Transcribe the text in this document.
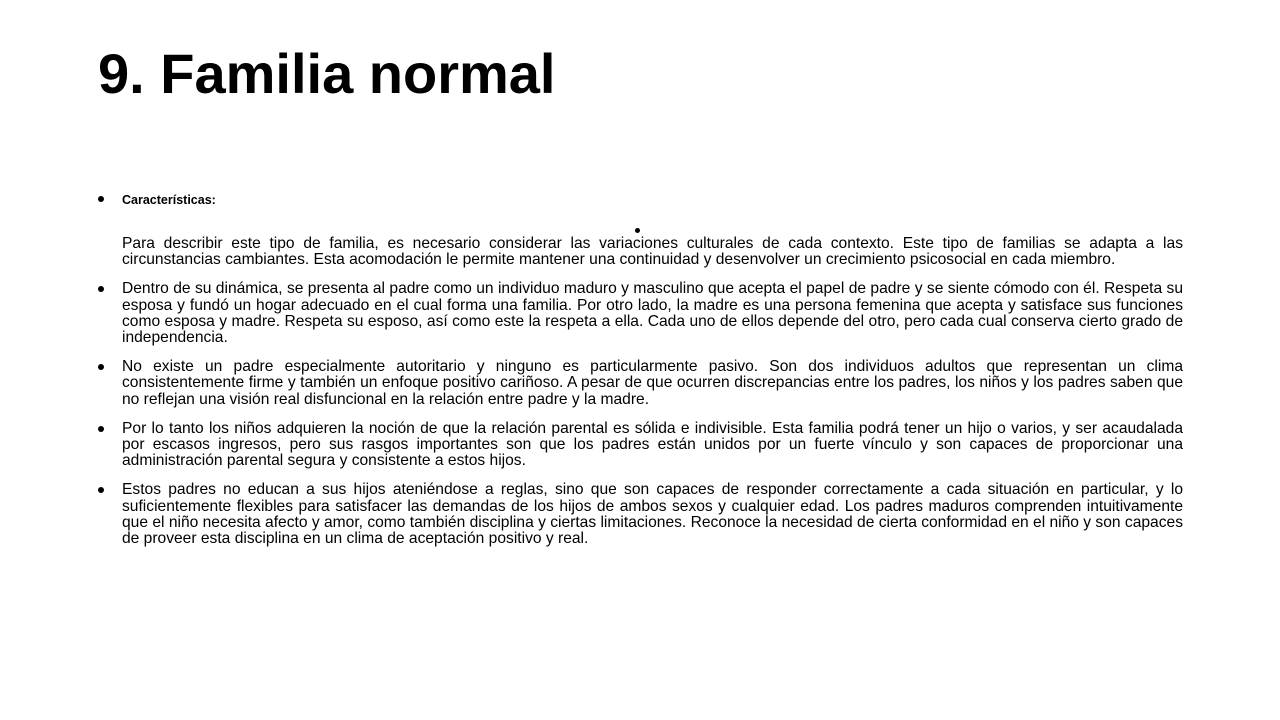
9. Familia normal
Características:
Para describir este tipo de familia, es necesario considerar las variaciones culturales de cada contexto. Este tipo de familias se adapta a las circunstancias cambiantes. Esta acomodación le permite mantener una continuidad y desenvolver un crecimiento psicosocial en cada miembro.
Dentro de su dinámica, se presenta al padre como un individuo maduro y masculino que acepta el papel de padre y se siente cómodo con él. Respeta su esposa y fundó un hogar adecuado en el cual forma una familia. Por otro lado, la madre es una persona femenina que acepta y satisface sus funciones como esposa y madre. Respeta su esposo, así como este la respeta a ella. Cada uno de ellos depende del otro, pero cada cual conserva cierto grado de independencia.
No existe un padre especialmente autoritario y ninguno es particularmente pasivo. Son dos individuos adultos que representan un clima consistentemente firme y también un enfoque positivo cariñoso. A pesar de que ocurren discrepancias entre los padres, los niños y los padres saben que no reflejan una visión real disfuncional en la relación entre padre y la madre.
Por lo tanto los niños adquieren la noción de que la relación parental es sólida e indivisible. Esta familia podrá tener un hijo o varios, y ser acaudalada por escasos ingresos, pero sus rasgos importantes son que los padres están unidos por un fuerte vínculo y son capaces de proporcionar una administración parental segura y consistente a estos hijos.
Estos padres no educan a sus hijos ateniéndose a reglas, sino que son capaces de responder correctamente a cada situación en particular, y lo suficientemente flexibles para satisfacer las demandas de los hijos de ambos sexos y cualquier edad. Los padres maduros comprenden intuitivamente que el niño necesita afecto y amor, como también disciplina y ciertas limitaciones. Reconoce la necesidad de cierta conformidad en el niño y son capaces de proveer esta disciplina en un clima de aceptación positivo y real.
